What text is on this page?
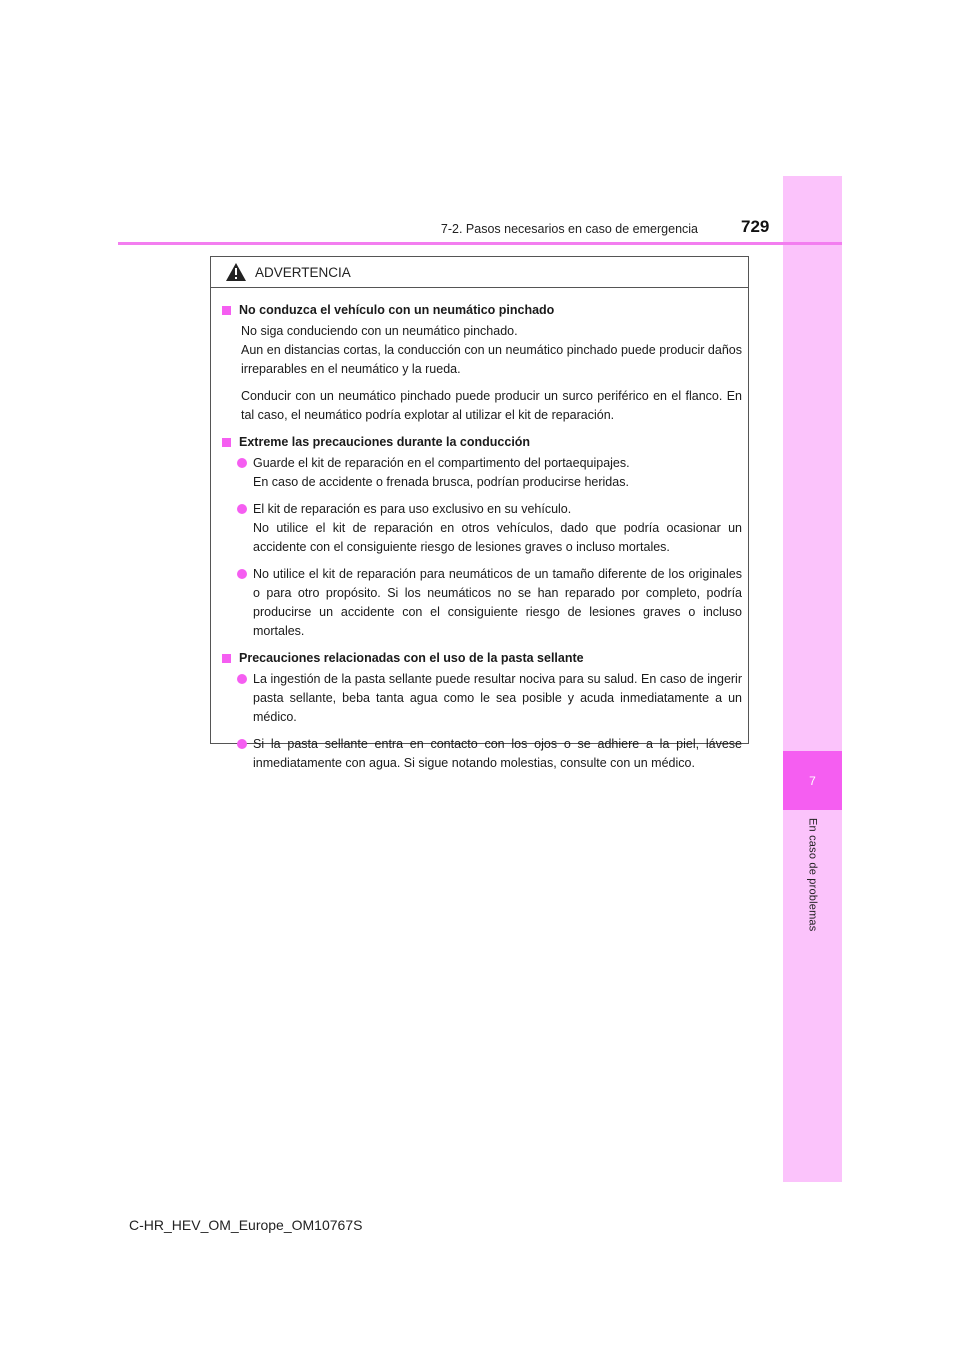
7
En caso de problemas
7-2. Pasos necesarios en caso de emergencia	729
ADVERTENCIA
No conduzca el vehículo con un neumático pinchado
No siga conduciendo con un neumático pinchado.
Aun en distancias cortas, la conducción con un neumático pinchado puede producir daños irreparables en el neumático y la rueda.
Conducir con un neumático pinchado puede producir un surco periférico en el flanco. En tal caso, el neumático podría explotar al utilizar el kit de reparación.
Extreme las precauciones durante la conducción
Guarde el kit de reparación en el compartimento del portaequipajes.
En caso de accidente o frenada brusca, podrían producirse heridas.
El kit de reparación es para uso exclusivo en su vehículo.
No utilice el kit de reparación en otros vehículos, dado que podría ocasionar un accidente con el consiguiente riesgo de lesiones graves o incluso mortales.
No utilice el kit de reparación para neumáticos de un tamaño diferente de los originales o para otro propósito. Si los neumáticos no se han reparado por completo, podría producirse un accidente con el consiguiente riesgo de lesiones graves o incluso mortales.
Precauciones relacionadas con el uso de la pasta sellante
La ingestión de la pasta sellante puede resultar nociva para su salud. En caso de ingerir pasta sellante, beba tanta agua como le sea posible y acuda inmediatamente a un médico.
Si la pasta sellante entra en contacto con los ojos o se adhiere a la piel, lávese inmediatamente con agua. Si sigue notando molestias, consulte con un médico.
C-HR_HEV_OM_Europe_OM10767S
